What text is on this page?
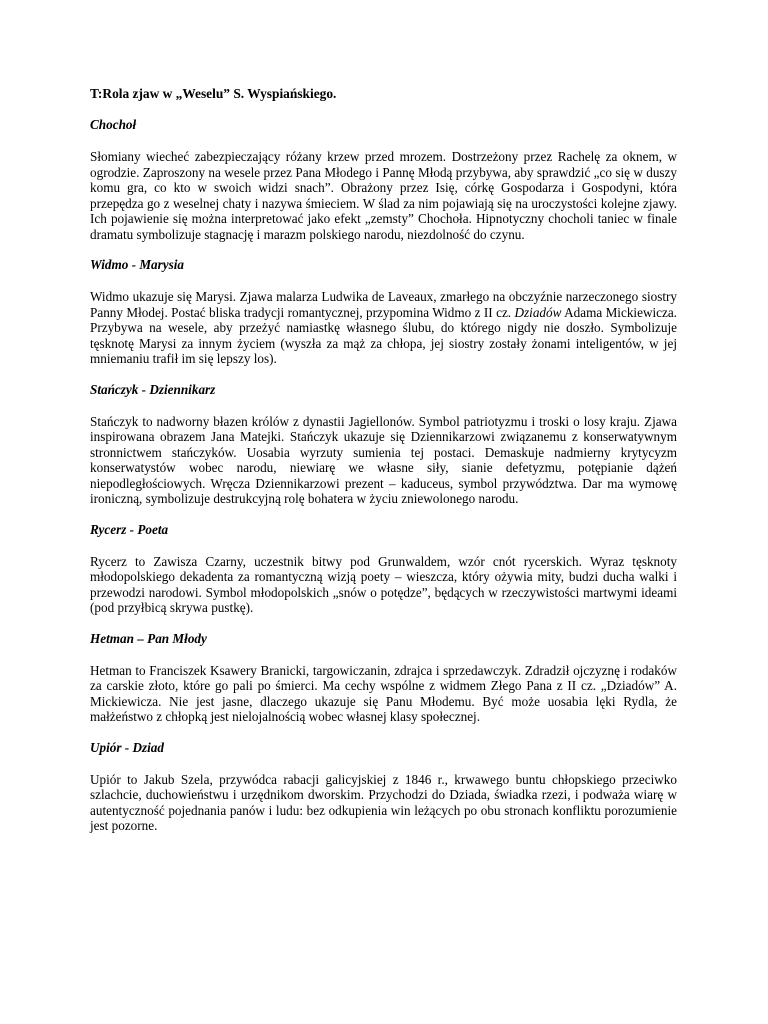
T:Rola zjaw w „Weselu” S. Wyspiańskiego.
Chochoł
Słomiany wiecheć zabezpieczający różany krzew przed mrozem. Dostrzeżony przez Rachelę za oknem, w ogrodzie. Zaproszony na wesele przez Pana Młodego i Pannę Młodą przybywa, aby sprawdzić „co się w duszy komu gra, co kto w swoich widzi snach”. Obrażony przez Isię, córkę Gospodarza i Gospodyni, która przepędza go z weselnej chaty i nazywa śmieciem. W ślad za nim pojawiają się na uroczystości kolejne zjawy. Ich pojawienie się można interpretować jako efekt „zemsty” Chochoła. Hipnotyczny chocholi taniec w finale dramatu symbolizuje stagnację i marazm polskiego narodu, niezdolność do czynu.
Widmo - Marysia
Widmo ukazuje się Marysi. Zjawa malarza Ludwika de Laveaux, zmarłego na obczyźnie narzeczonego siostry Panny Młodej. Postać bliska tradycji romantycznej, przypomina Widmo z II cz. Dziadów Adama Mickiewicza. Przybywa na wesele, aby przeżyć namiastkę własnego ślubu, do którego nigdy nie doszło. Symbolizuje tęsknotę Marysi za innym życiem (wyszła za mąż za chłopa, jej siostry zostały żonami inteligentów, w jej mniemaniu trafił im się lepszy los).
Stańczyk - Dziennikarz
Stańczyk to nadworny błazen królów z dynastii Jagiellonów. Symbol patriotyzmu i troski o losy kraju. Zjawa inspirowana obrazem Jana Matejki. Stańczyk ukazuje się Dziennikarzowi związanemu z konserwatywnym stronnictwem stańczyków. Uosabia wyrzuty sumienia tej postaci. Demaskuje nadmierny krytycyzm konserwatystów wobec narodu, niewiarę we własne siły, sianie defetyzmu, potępianie dążeń niepodległościowych. Wręcza Dziennikarzowi prezent – kaduceus, symbol przywództwa. Dar ma wymowę ironiczną, symbolizuje destrukcyjną rolę bohatera w życiu zniewolonego narodu.
Rycerz - Poeta
Rycerz to Zawisza Czarny, uczestnik bitwy pod Grunwaldem, wzór cnót rycerskich. Wyraz tęsknoty młodopolskiego dekadenta za romantyczną wizją poety – wieszcza, który ożywia mity, budzi ducha walki i przewodzi narodowi. Symbol młodopolskich „snów o potędze”, będących w rzeczywistości martwymi ideami (pod przyłbicą skrywa pustkę).
Hetman – Pan Młody
Hetman to Franciszek Ksawery Branicki, targowiczanin, zdrajca i sprzedawczyk. Zdradził ojczyznę i rodaków za carskie złoto, które go pali po śmierci. Ma cechy wspólne z widmem Złego Pana z II cz. „Dziadów” A. Mickiewicza. Nie jest jasne, dlaczego ukazuje się Panu Młodemu. Być może uosabia lęki Rydla, że małżeństwo z chłopką jest nielojalnością wobec własnej klasy społecznej.
Upiór - Dziad
Upiór to Jakub Szela, przywódca rabacji galicyjskiej z 1846 r., krwawego buntu chłopskiego przeciwko szlachcie, duchowieństwu i urzędnikom dworskim. Przychodzi do Dziada, świadka rzezi, i podważa wiarę w autentyczność pojednania panów i ludu: bez odkupienia win leżących po obu stronach konfliktu porozumienie jest pozorne.
